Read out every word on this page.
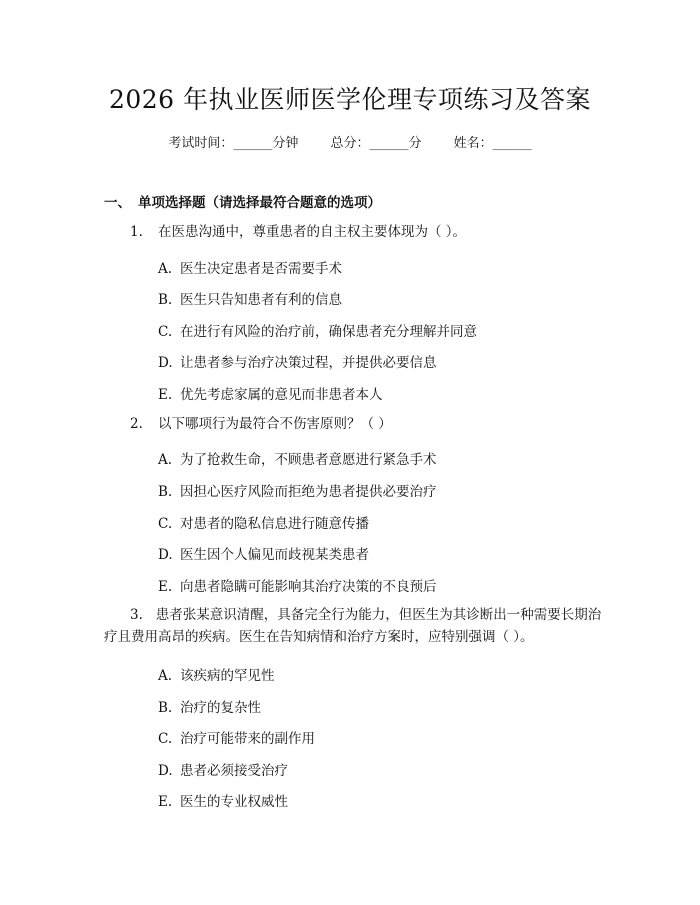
2026 年执业医师医学伦理专项练习及答案
考试时间：______分钟 总分：______分 姓名：______
一、 单项选择题（请选择最符合题意的选项）
1. 在医患沟通中，尊重患者的自主权主要体现为（ ）。
A. 医生决定患者是否需要手术
B. 医生只告知患者有利的信息
C. 在进行有风险的治疗前，确保患者充分理解并同意
D. 让患者参与治疗决策过程，并提供必要信息
E. 优先考虑家属的意见而非患者本人
2. 以下哪项行为最符合不伤害原则？（ ）
A. 为了抢救生命，不顾患者意愿进行紧急手术
B. 因担心医疗风险而拒绝为患者提供必要治疗
C. 对患者的隐私信息进行随意传播
D. 医生因个人偏见而歧视某类患者
E. 向患者隐瞒可能影响其治疗决策的不良预后
3. 患者张某意识清醒，具备完全行为能力，但医生为其诊断出一种需要长期治疗且费用高昂的疾病。医生在告知病情和治疗方案时，应特别强调（ ）。
A. 该疾病的罕见性
B. 治疗的复杂性
C. 治疗可能带来的副作用
D. 患者必须接受治疗
E. 医生的专业权威性
